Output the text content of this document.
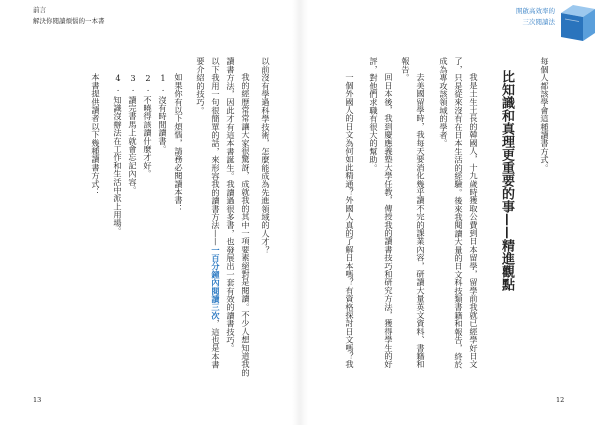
前言
解決你閱讀煩惱的一本書
以前沒有學過科學技術，怎麼能成為先進領域的人才？
我的經歷常常讓大家很驚訝，成就我的其中一項要素絕對是閱讀。不少人想知道我的
讀書方法，因此才有這本書誕生。我讀過很多書，也發展出一套有效的讀書技巧。
以下我用一句很簡單的話，來形容我的讀書方法——一百分鐘內閱讀三次，這也是本書
要介紹的技巧。
如果你有以下煩惱，請務必閱讀本書：
1. 沒有時間讀書。
2. 不曉得該讀什麼才好。
3. 讀完書馬上就會忘記內容。
4. 知識沒辦法在工作和生活中派上用場。
本書提供讀者以下幾種讀書方式：
13
開啟高效率的
三次閱讀法
每個人都該學會這種讀書方式。
比知識和真理更重要的事——精進觀點
我是土生土長的韓國人，十九歲時獲取公費到日本留學，留學前我就已經學好日文
了，只是從來沒有在日本生活的經驗。後來我閱讀大量的日文科技類書籍和報告，終於
成為專攻該領域的學者。
去美國留學時，我每天要消化幾乎讀不完的課業內容，研讀大量英文資料、書籍和
報告。
回日本後，我到慶應義塾大學任教，傳授我的讀書技巧和研究方法，獲得學生的好
評，對他們求職有很大的幫助。
一個外國人的日文為何如此精通？外國人真的了解日本嗎？有資格探討日文嗎？我
12
